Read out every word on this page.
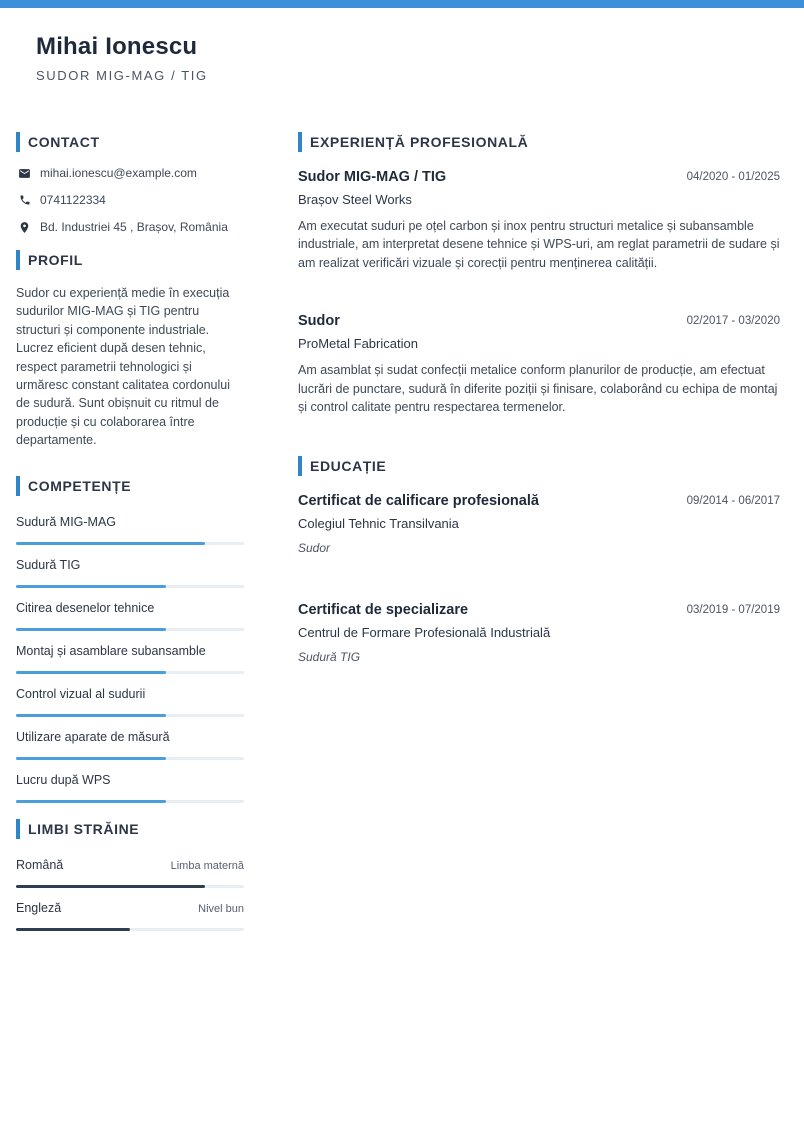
Mihai Ionescu
SUDOR MIG-MAG / TIG
CONTACT
mihai.ionescu@example.com
0741122334
Bd. Industriei 45 , Brașov, România
PROFIL
Sudor cu experiență medie în execuția sudurilor MIG-MAG și TIG pentru structuri și componente industriale. Lucrez eficient după desen tehnic, respect parametrii tehnologici și urmăresc constant calitatea cordonului de sudură. Sunt obișnuit cu ritmul de producție și cu colaborarea între departamente.
COMPETENȚE
Sudură MIG-MAG
Sudură TIG
Citirea desenelor tehnice
Montaj și asamblare subansamble
Control vizual al sudurii
Utilizare aparate de măsură
Lucru după WPS
LIMBI STRĂINE
Română	Limba maternă
Engleză	Nivel bun
EXPERIENȚĂ PROFESIONALĂ
Sudor MIG-MAG / TIG	04/2020 - 01/2025
Brașov Steel Works
Am executat suduri pe oțel carbon și inox pentru structuri metalice și subansamble industriale, am interpretat desene tehnice și WPS-uri, am reglat parametrii de sudare și am realizat verificări vizuale și corecții pentru menținerea calității.
Sudor	02/2017 - 03/2020
ProMetal Fabrication
Am asamblat și sudat confecții metalice conform planurilor de producție, am efectuat lucrări de punctare, sudură în diferite poziții și finisare, colaborând cu echipa de montaj și control calitate pentru respectarea termenelor.
EDUCAȚIE
Certificat de calificare profesională	09/2014 - 06/2017
Colegiul Tehnic Transilvania
Sudor
Certificat de specializare	03/2019 - 07/2019
Centrul de Formare Profesională Industrială
Sudură TIG
